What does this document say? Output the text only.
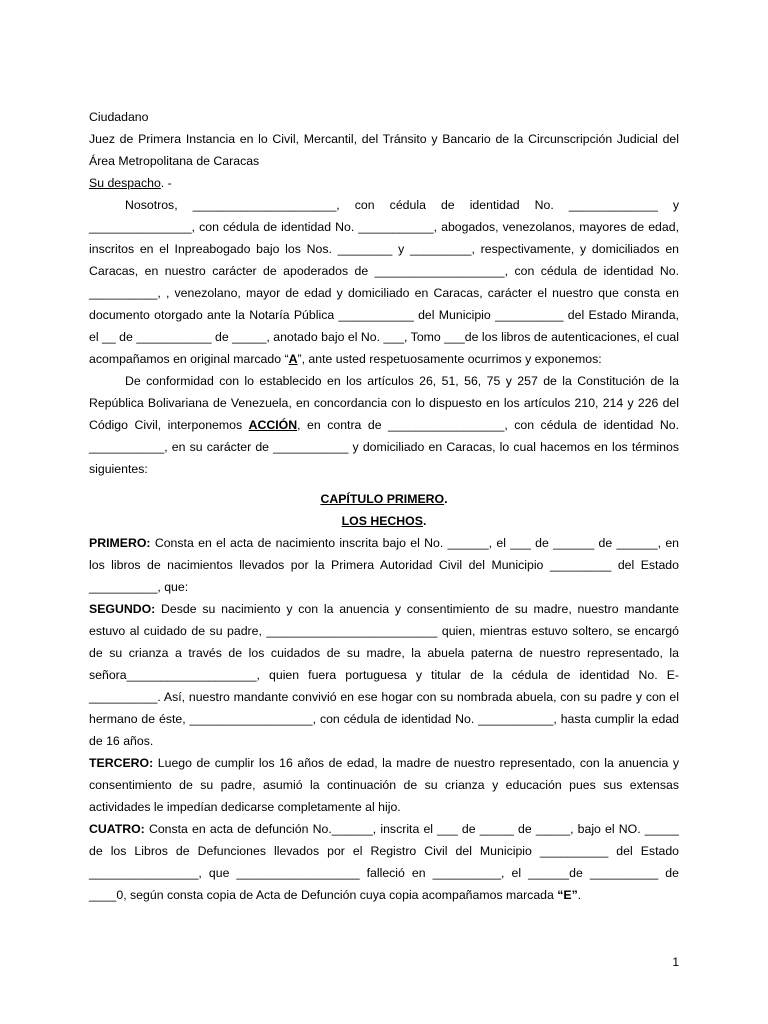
Ciudadano

Juez de Primera Instancia en lo Civil, Mercantil, del Tránsito y Bancario de la Circunscripción Judicial del Área Metropolitana de Caracas

Su despacho. -

Nosotros, _____________________, con cédula de identidad No. _____________ y _______________, con cédula de identidad No. ___________, abogados, venezolanos, mayores de edad, inscritos en el Inpreabogado bajo los Nos. ________ y _________, respectivamente, y domiciliados en Caracas, en nuestro carácter de apoderados de ___________________, con cédula de identidad No. __________, , venezolano, mayor de edad y domiciliado en Caracas, carácter el nuestro que consta en documento otorgado ante la Notaría Pública ___________ del Municipio __________ del Estado Miranda, el __ de ___________ de _____, anotado bajo el No. ___, Tomo ___de los libros de autenticaciones, el cual acompañamos en original marcado “A”, ante usted respetuosamente ocurrimos y exponemos:

De conformidad con lo establecido en los artículos 26, 51, 56, 75 y 257 de la Constitución de la República Bolivariana de Venezuela, en concordancia con lo dispuesto en los artículos 210, 214 y 226 del Código Civil, interponemos ACCIÓN, en contra de _________________, con cédula de identidad No. ___________, en su carácter de ___________ y domiciliado en Caracas, lo cual hacemos en los términos siguientes:

CAPÍTULO PRIMERO.

LOS HECHOS.

PRIMERO: Consta en el acta de nacimiento inscrita bajo el No. ______, el ___ de ______ de ______, en los libros de nacimientos llevados por la Primera Autoridad Civil del Municipio _________ del Estado __________, que:

SEGUNDO: Desde su nacimiento y con la anuencia y consentimiento de su madre, nuestro mandante estuvo al cuidado de su padre, _________________________ quien, mientras estuvo soltero, se encargó de su crianza a través de los cuidados de su madre, la abuela paterna de nuestro representado, la señora___________________, quien fuera portuguesa y titular de la cédula de identidad No. E-__________. Así, nuestro mandante convivió en ese hogar con su nombrada abuela, con su padre y con el hermano de éste, __________________, con cédula de identidad No. ___________, hasta cumplir la edad de 16 años.

TERCERO: Luego de cumplir los 16 años de edad, la madre de nuestro representado, con la anuencia y consentimiento de su padre, asumió la continuación de su crianza y educación pues sus extensas actividades le impedían dedicarse completamente al hijo.

CUATRO: Consta en acta de defunción No.______, inscrita el ___ de _____ de _____, bajo el NO. _____ de los Libros de Defunciones llevados por el Registro Civil del Municipio __________ del Estado ________________, que __________________ falleció en __________, el ______de __________ de ____0, según consta copia de Acta de Defunción cuya copia acompañamos marcada “E”.

1
